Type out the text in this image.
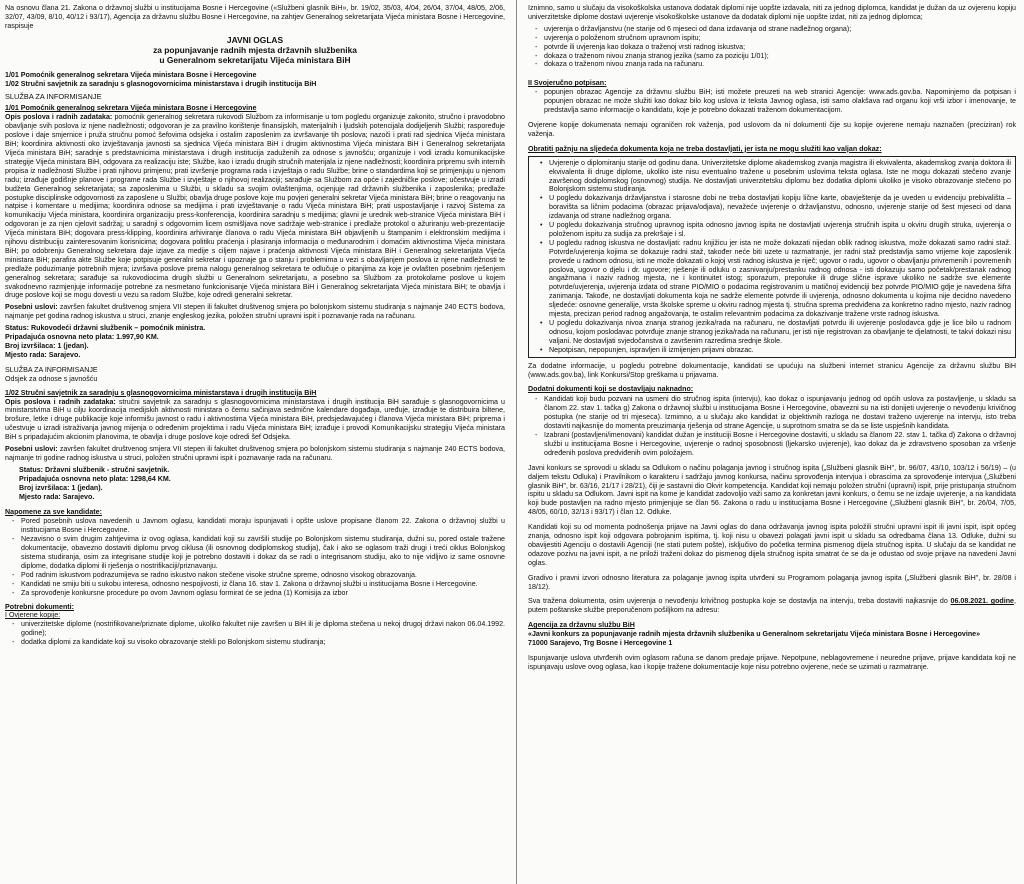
Na osnovu člana 21. Zakona o državnoj službi u institucijama Bosne i Hercegovine («Službeni glasnik BiH», br. 19/02, 35/03, 4/04, 26/04, 37/04, 48/05, 2/06, 32/07, 43/09, 8/10, 40/12 i 93/17), Agencija za državnu službu Bosne i Hercegovine, na zahtjev Generalnog sekretarijata Vijeća ministara Bosne i Hercegovine, raspisuje

JAVNI OGLAS
za popunjavanje radnih mjesta državnih službenika
u Generalnom sekretarijatu Vijeća ministara BiH

1/01 Pomoćnik generalnog sekretara Vijeća ministara Bosne i Hercegovine

1/02 Stručni savjetnik za saradnju s glasnogovornicima ministarstava i drugih institucija BiH

SLUŽBA ZA INFORMISANJE

1/01 Pomoćnik generalnog sekretara Vijeća ministara Bosne i Hercegovine

Opis poslova i radnih zadataka: pomoćnik generalnog sekretara rukovodi Službom za informisanje u tom pogledu organizuje zakonito, stručno i pravodobno obavljanje svih poslova iz njene nadležnosti; odgovoran je za pravilno korištenje finansijskih, materijalnih i ljudskih potencijala dodijeljenih Službi; raspoređuje poslove i daje smjernice i pruža stručnu pomoć šefovima odsjeka i ostalim zaposlenim za izvršavanje tih poslova; nazoči i prati rad sjednica Vijeća ministara BiH; koordinira aktivnosti oko izvještavanja javnosti sa sjednica Vijeća ministara BiH i drugim aktivnostima Vijeća ministara BiH i Generalnog sekretarijata Vijeća ministara BiH; saradnje s predstavnicima ministarstava i drugih institucija zaduženih za odnose s javnošću; organizuje i vodi izradu komunikacijske strategije Vijeća ministara BiH, odgovara za realizaciju iste; Službe, kao i izradu drugih stručnih materijala iz njene nadležnosti; koordinira pripremu svih internih propisa iz nadležnosti Službe i prati njihovu primjenu; prati izvršenje programa rada i izvještaja o radu Službe; brine o standardima koji se primjenjuju u njenom radu; izrađuje godišnje planove i programe rada Službe i izvještaje o njihovoj realizaciji; sarađuje sa Službom za opće i zajedničke poslove; učestvuje u izradi budžeta Generalnog sekretarijata; sa zaposlenima u Službi, u skladu sa svojim ovlaštenjima, ocjenjuje rad državnih službenika i zaposlenika; predlaže postupke disciplinske odgovornosti za zaposlene u Službi; obavlja druge poslove koje mu povjeri generalni sekretar Vijeća ministara BiH; brine o reagovanju na natpise i komentare u medijima; koordinira odnose sa medijima i prati izvještavanje o radu Vijeća ministara BiH; prati uspostavljanje i razvoj Sistema za komunikaciju Vijeća ministara, koordinira organizaciju press-konferencija, koordinira saradnju s medijima; glavni je urednik web-stranice Vijeća ministara BiH i odgovoran je za njen cjelovit sadržaj; u saradnji s odgovornim licem osmišljava nove sadržaje web-stranice i predlaže protokol o ažuriranju web-prezentacije Vijeća ministara BiH; dogovara press-klipping, koordinira arhiviranje članova o radu Vijeća ministara BiH objavljenih u štampanim i elektronskim medijima i njihovu distribuciju zainteresovanim korisnicima; dogovara politiku praćenja i plasiranja informacija o međunarodnim i domaćim aktivnostima Vijeća ministara BiH; po odobrenju Generalnog sekretara daje izjave za medije s ciljem najave i praćenja aktivnosti Vijeća ministara BiH i Generalnog sekretarijata Vijeća ministara BiH; parafira akte Službe koje potpisuje generalni sekretar i upoznaje ga o stanju i problemima u vezi s obavljanjem poslova iz njene nadležnosti te predlaže poduzimanje potrebnih mjera; izvršava poslove prema nalogu generalnog sekretara te odlučuje o pitanjima za koje je ovlašten posebnim rješenjem generalnog sekretara; sarađuje sa rukovodiocima drugih službi u Generalnom sekretarijatu, a posebno sa Službom za protokolarne poslove u kojem svakodnevno razmjenjuje informacije potrebne za nesmetano funkcionisanje Vijeća ministara BiH i Generalnog sekretarijata Vijeća ministara BiH; te obavlja i druge poslove koji se mogu dovesti u vezu sa radom Službe, koje odredi generalni sekretar.

Posebni uslovi: završen fakultet društvenog smjera VII stepen ili fakultet društvenog smjera po bolonjskom sistemu studiranja s najmanje 240 ECTS bodova, najmanje pet godina radnog iskustva u struci, znanje engleskog jezika, položen stručni upravni ispit i poznavanje rada na računaru.

Status: Rukovodeći državni službenik – pomoćnik ministra.

Pripadajuća osnovna neto plata: 1.997,90 KM.

Broj izvršilaca: 1 (jedan).

Mjesto rada: Sarajevo.

SLUŽBA ZA INFORMISANJE

Odsjek za odnose s javnošću

1/02 Stručni savjetnik za saradnju s glasnogovornicima ministarstava i drugih institucija BiH

Opis poslova i radnih zadataka: stručni savjetnik za saradnju s glasnogovornicima ministarstava i drugih institucija BiH sarađuje s glasnogovornicima u ministarstvima BiH u cilju koordinacija medijskih aktivnosti ministara o čemu sačinjava sedmične kalendare događaja, uređuje, izrađuje te distribuira biltene, brošure, letke i druge publikacije koje informišu javnost o radu i aktivnostima Vijeća ministara BiH, predsjedavajućeg i članova Vijeća ministara BiH; priprema i učestvuje u izradi istraživanja javnog mijenja o određenim projektima i radu Vijeća ministara BiH; izrađuje i provodi Komunikacijsku strategiju Vijeća ministara BiH s pripadajućim akcionim planovima, te obavlja i druge poslove koje odredi šef Odsjeka.

Posebni uslovi: završen fakultet društvenog smjera VII stepen ili fakultet društvenog smjera po bolonjskom sistemu studiranja s najmanje 240 ECTS bodova, najmanje tri godine radnog iskustva u struci, položen stručni upravni ispit i poznavanje rada na računaru.

Status: Državni službenik - stručni savjetnik.

Pripadajuća osnovna neto plata: 1298,64 KM.

Broj izvršilaca: 1 (jedan).

Mjesto rada: Sarajevo.

Napomene za sve kandidate:

- Pored posebnih uslova navedenih u Javnom oglasu, kandidati moraju ispunjavati i opšte uslove propisane članom 22. Zakona o državnoj službi u institucijama Bosne i Hercegovine.
- Nezavisno o svim drugim zahtjevima iz ovog oglasa, kandidati koji su završili studije po Bolonjskom sistemu studiranja, dužni su, pored ostale tražene dokumentacije, obavezno dostaviti diplomu prvog ciklusa (ili osnovnog dodiplomskog studija), čak i ako se oglasom traži drugi i treći ciklus Bolonjskog sistema studiranja, osim za integrisane studije koji je potrebno dostaviti i dokaz da se radi o integrisanom studiju, ako to nije vidljivo iz same osnovne diplome, dodatka diplomi ili rješenja o nostrifikaciji/priznavanju.
- Pod radnim iskustvom podrazumijeva se radno iskustvo nakon stečene visoke stručne spreme, odnosno visokog obrazovanja.
- Kandidati ne smiju biti u sukobu interesa, odnosno nespojivosti, iz člana 16. stav 1. Zakona o državnoj službi u institucijama Bosne i Hercegovine.
- Za sprovođenje konkursne procedure po ovom Javnom oglasu formirat će se jedna (1) Komisija za izbor

Potrebni dokumenti:

I Ovjerene kopije:

- univerzitetske diplome (nostrifikovane/priznate diplome, ukoliko fakultet nije završen u BiH ili je diploma stečena u nekoj drugoj državi nakon 06.04.1992. godine);
- dodatka diplomi za kandidate koji su visoko obrazovanje stekli po Bolonjskom sistemu studiranja;

Iznimno, samo u slučaju da visokoškolska ustanova dodatak diplomi nije uopšte izdavala, niti za jednog diplomca, kandidat je dužan da uz ovjerenu kopiju univerzitetske diplome dostavi uvjerenje visokoškolske ustanove da dodatak diplomi nije uopšte izdat, niti za jednog diplomca;

- uvjerenja o državljanstvu (ne starije od 6 mjeseci od dana izdavanja od strane nadležnog organa);
- uvjerenja o položenom stručnom upravnom ispitu;
- potvrde ili uvjerenja kao dokaza o traženoj vrsti radnog iskustva;
- dokaza o traženom nivou znanja stranog jezika (samo za poziciju 1/01);
- dokaza o traženom nivou znanja rada na računaru.

II Svojeručno potpisan:

- popunjen obrazac Agencije za državnu službu BiH; isti možete preuzeti na web stranici Agencije: www.ads.gov.ba. Napominjemo da potpisan i popunjen obrazac ne može služiti kao dokaz bilo kog uslova iz teksta Javnog oglasa, isti samo olakšava rad organu koji vrši izbor i imenovanje, te predstavlja samo informacije o kandidatu, koje je potrebno dokazati traženom dokumentacijom.

Ovjerene kopije dokumenata nemaju ograničen rok važenja, pod uslovom da ni dokumenti čije su kopije ovjerene nemaju naznačen (preciziran) rok važenja.

Obratiti pažnju na sljedeća dokumenta koja ne treba dostavljati, jer ista ne mogu služiti kao valjan dokaz:

• Uvjerenje o diplomiranju starije od godinu dana. Univerzitetske diplome akademskog zvanja magistra ili ekvivalenta, akademskog zvanja doktora ili ekvivalenta ili druge diplome, ukoliko iste nisu eventualno tražene u posebnim uslovima teksta oglasa. Iste ne mogu dokazati stečeno zvanje završenog dodiplomskog (osnovnog) studija. Ne dostavljati univerzitetsku diplomu bez dodatka diplomi ukoliko je visoko obrazovanje stečeno po Bolonjskom sistemu studiranja.
• U pogledu dokazivanja državljanstva i starosne dobi ne treba dostavljati kopiju lične karte, obavještenje da je uveden u evidenciju prebivališta – boravišta sa ličnim podacima (obrazac prijava/odjava), nevažeće uvjerenje o državljanstvu, odnosno, uvjerenje starije od šest mjeseci od dana izdavanja od strane nadležnog organa.
• U pogledu dokazivanja stručnog upravnog ispita odnosno javnog ispita ne dostavljati uvjerenja stručnih ispita u okviru drugih struka, uvjerenja o položenom ispitu za sudija za prekršaje i sl.
• U pogledu radnog iskustva ne dostavljati: radnu knjižicu jer ista ne može dokazati nijedan oblik radnog iskustva, može dokazati samo radni staž. Potvrde/uvjerenja kojima se dokazuje radni staž, također neće biti uzete u razmatranje, jer radni staž predstavlja samo vrijeme koje zaposlenik provede u radnom odnosu, isti ne može dokazati o kojoj vrsti radnog iskustva je riječ; ugovor o radu, ugovor o obavljanju privremenih i povremenih poslova, ugovor o djelu i dr. ugovore; rješenje ili odluku o zasnivanju/prestanku radnog odnosa - isti dokazuju samo početak/prestanak radnog angažmana i naziv radnog mjesta, ne i kontinuitet istog; sporazum, preporuke ili druge slične isprave ukoliko ne sadrže sve elemente potvrde/uvjerenja, uvjerenja izdata od strane PIO/MIO o podacima registrovanim u matičnoj evidenciji bez potvrde PIO/MIO gdje je navedena šifra zanimanja. Takođe, ne dostavljati dokumenta koja ne sadrže elemente potvrde ili uvjerenja, odnosno dokumenta u kojima nije decidno navedeno sljedeće: osnovne generalije, vrsta školske spreme u okviru radnog mjesta tj. stručna sprema predviđena za konkretno radno mjesto, naziv radnog mjesta, precizan period radnog angažovanja, te ostalim relevantnim podacima za dokazivanje tražene vrste radnog iskustva.
• U pogledu dokazivanja nivoa znanja stranog jezika/rada na računaru, ne dostavljati potvrdu ili uvjerenje poslodavca gdje je lice bilo u radnom odnosu, kojom poslodavac potvrđuje znanje stranog jezika/rada na računaru, jer isti nije registrovan za obavljanje te djelatnosti, te takvi dokazi nisu valjani. Ne dostavljati svjedočanstva o završenim razredima srednje škole.
• Nepotpisan, nepopunjen, ispravljen ili izmijenjen prijavni obrazac.

Za dodatne informacije, u pogledu potrebne dokumentacije, kandidati se upućuju na službeni internet stranicu Agencije za državnu službu BiH (www.ads.gov.ba), link Konkursi/Stop greškama u prijavama.

Dodatni dokumenti koji se dostavljaju naknadno:

- Kandidati koji budu pozvani na usmeni dio stručnog ispita (intervju), kao dokaz o ispunjavanju jednog od općih uslova za postavljenje, u skladu sa članom 22. stav 1. tačka g) Zakona o državnoj službi u institucijama Bosne i Hercegovine, obavezni su na isti donijeti uvjerenje o nevođenju krivičnog postupka (ne starije od tri mjeseca). Izmimno, a u slučaju ako kandidat iz objektivnih razloga ne dostavi traženo uvjerenje na intervju, isto treba dostaviti najkasnije do momenta preuzimanja rješenja od strane Agencije, u suprotnom smatra se da se liste uspješnih kandidata.
- Izabrani (postavljeni/imenovani) kandidat dužan je instituciji Bosne i Hercegovine dostaviti, u skladu sa članom 22. stav 1. tačka d) Zakona o državnoj službi u institucijama Bosne i Hercegovine, uvjerenje o radnoj sposobnosti (ljekarsko uvjerenje), kao dokaz da je zdravstveno sposoban za vršenje određenih poslova predviđenih ovim položajem.

Javni konkurs se sprovodi u skladu sa Odlukom o načinu polaganja javnog i stručnog ispita („Službeni glasnik BiH", br. 96/07, 43/10, 103/12 i 56/19) – (u daljem tekstu Odluka) i Pravilnikom o karakteru i sadržaju javnog konkursa, načinu sprovođenja intervjua i obrascima za sprovođenje intervjua („Službeni glasnik BiH", br. 63/16, 21/17 i 28/21), čiji je sastavni dio Okvir kompetencija. Kandidat koji nemaju položen stručni (upravni) ispit, prije pristupanja stručnom ispitu u skladu sa Odlukom. Javni ispit na kome je kandidat zadovoljio važi samo za konkretan javni konkurs, o čemu se ne izdaje uvjerenje, a na kandidata koji bude postavljen na radno mjesto primjenjuje se član 56. Zakona o radu u institucijama Bosne i Hercegovine („Službeni glasnik BiH", br. 26/04, 7/05, 48/05, 60/10, 32/13 i 93/17) i član 12. Odluke.

Kandidati koji su od momenta podnošenja prijave na Javni oglas do dana održavanja javnog ispita položili stručni upravni ispit ili javni ispit, ispit općeg znanja, odnosno ispit koji odgovara pobrojanim ispitima, tj. koji nisu u obavezi polagati javni ispit u skladu sa odredbama člana 13. Odluke, dužni su obavijestiti Agenciju o dostavili Agenciji (ne stati putem pošte), isključivo do početka termina pismenog dijela stručnog ispita. U slučaju da se kandidat ne odazove pozivu na javni ispit, a ne priloži traženi dokaz do pismenog dijela stručnog ispita smatrat će se da je odustao od svoje prijave na navedeni Javni oglas.

Gradivo i pravni izvori odnosno literatura za polaganje javnog ispita utvrđeni su Programom polaganja javnog ispita („Službeni glasnik BiH", br. 28/08 i 18/12).

Sva tražena dokumenta, osim uvjerenja o nevođenju krivičnog postupka koje se dostavlja na intervju, treba dostaviti najkasnije do 06.08.2021. godine, putem poštanske službe preporučenom pošiljkom na adresu:

Agencija za državnu službu BiH
«Javni konkurs za popunjavanje radnih mjesta državnih službenika u Generalnom sekretarijatu Vijeća ministara Bosne i Hercegovine»
71000 Sarajevo, Trg Bosne i Hercegovine 1

Ispunjavanje uslova utvrđenih ovim oglasom računa se danom predaje prijave. Nepotpune, neblagovremene i neuredne prijave, prijave kandidata koji ne ispunjavaju uslove ovog oglasa, kao i kopije tražene dokumentacije koje nisu potrebno ovjerene, neće se uzimati u razmatranje.
